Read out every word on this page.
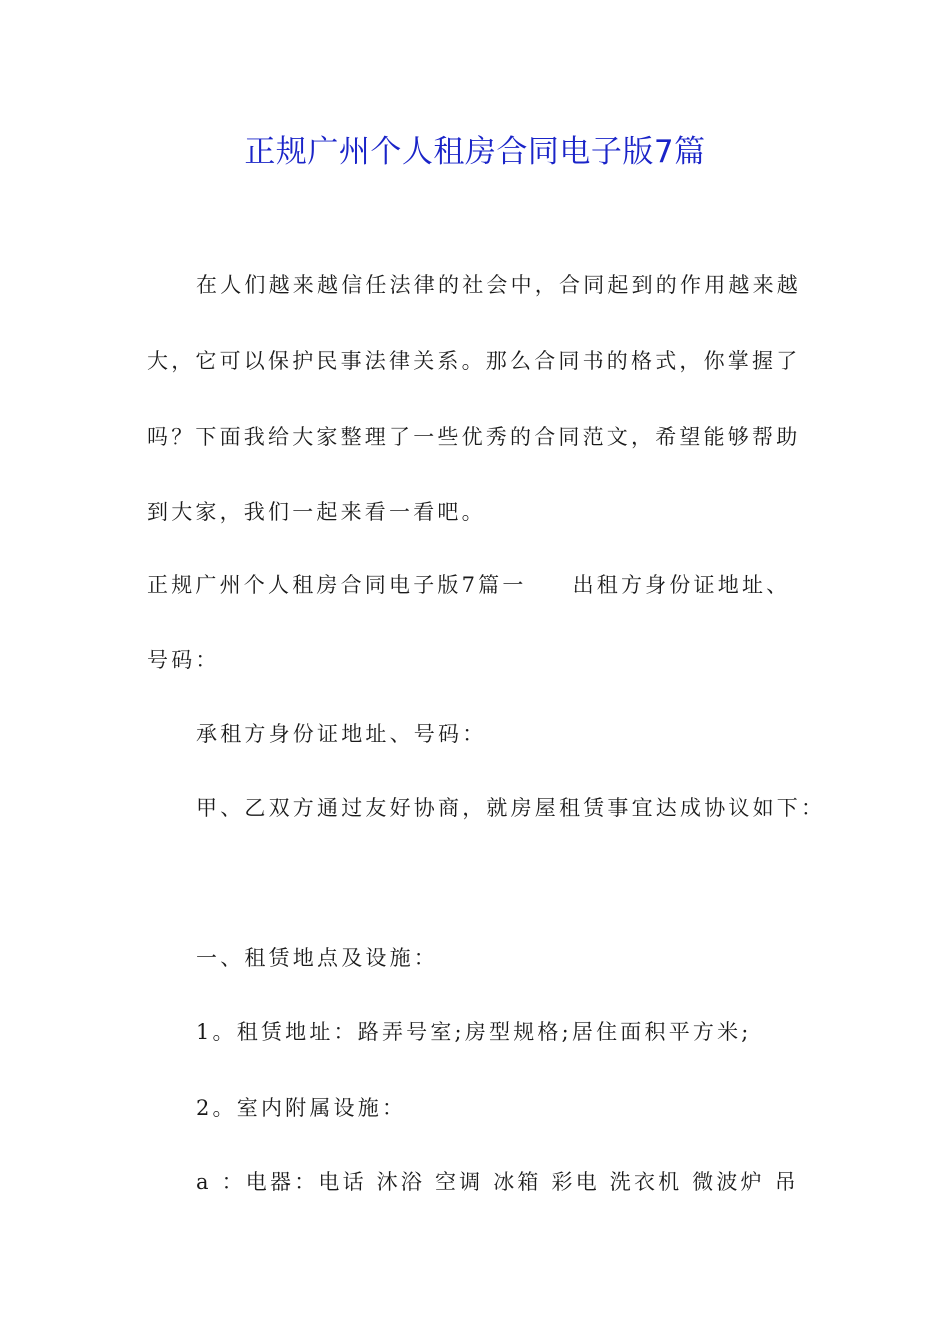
正规广州个人租房合同电子版7篇
在人们越来越信任法律的社会中，合同起到的作用越来越
大，它可以保护民事法律关系。那么合同书的格式，你掌握了
吗？下面我给大家整理了一些优秀的合同范文，希望能够帮助
到大家，我们一起来看一看吧。
正规广州个人租房合同电子版7篇一 出租方身份证地址、
号码：
承租方身份证地址、号码：
甲、乙双方通过友好协商，就房屋租赁事宜达成协议如下：
一、租赁地点及设施：
1。租赁地址：路弄号室;房型规格;居住面积平方米;
2。室内附属设施：
a ：电器：电话 沐浴 空调 冰箱 彩电 洗衣机 微波炉 吊
